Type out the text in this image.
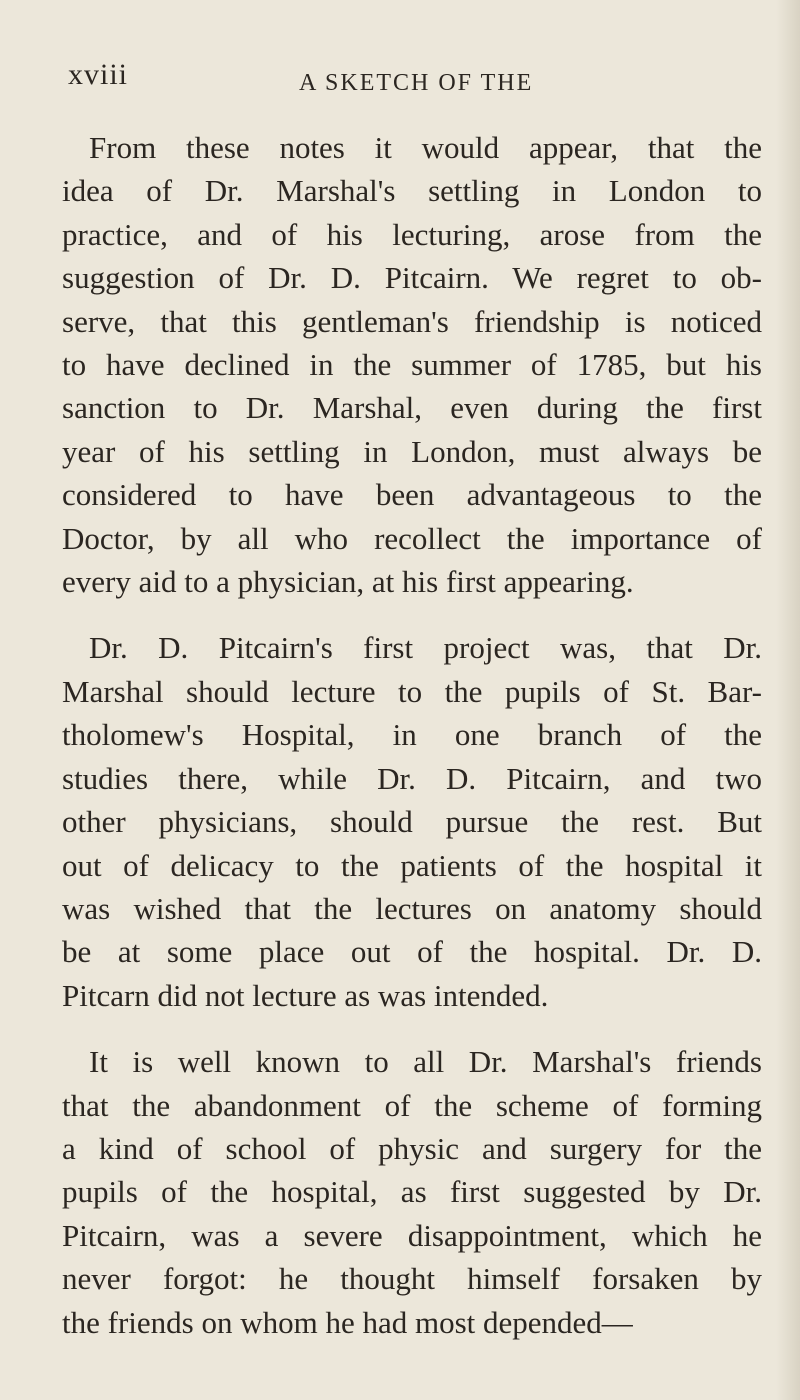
xviii	A SKETCH OF THE

From these notes it would appear, that the
idea of Dr. Marshal's settling in London to
practice, and of his lecturing, arose from the
suggestion of Dr. D. Pitcairn. We regret to ob-
serve, that this gentleman's friendship is noticed
to have declined in the summer of 1785, but his
sanction to Dr. Marshal, even during the first
year of his settling in London, must always be
considered to have been advantageous to the
Doctor, by all who recollect the importance of
every aid to a physician, at his first appearing.

Dr. D. Pitcairn's first project was, that Dr.
Marshal should lecture to the pupils of St. Bar-
tholomew's Hospital, in one branch of the
studies there, while Dr. D. Pitcairn, and two
other physicians, should pursue the rest. But
out of delicacy to the patients of the hospital it
was wished that the lectures on anatomy should
be at some place out of the hospital. Dr. D.
Pitcarn did not lecture as was intended.

It is well known to all Dr. Marshal's friends
that the abandonment of the scheme of forming
a kind of school of physic and surgery for the
pupils of the hospital, as first suggested by Dr.
Pitcairn, was a severe disappointment, which he
never forgot: he thought himself forsaken by
the friends on whom he had most depended—
